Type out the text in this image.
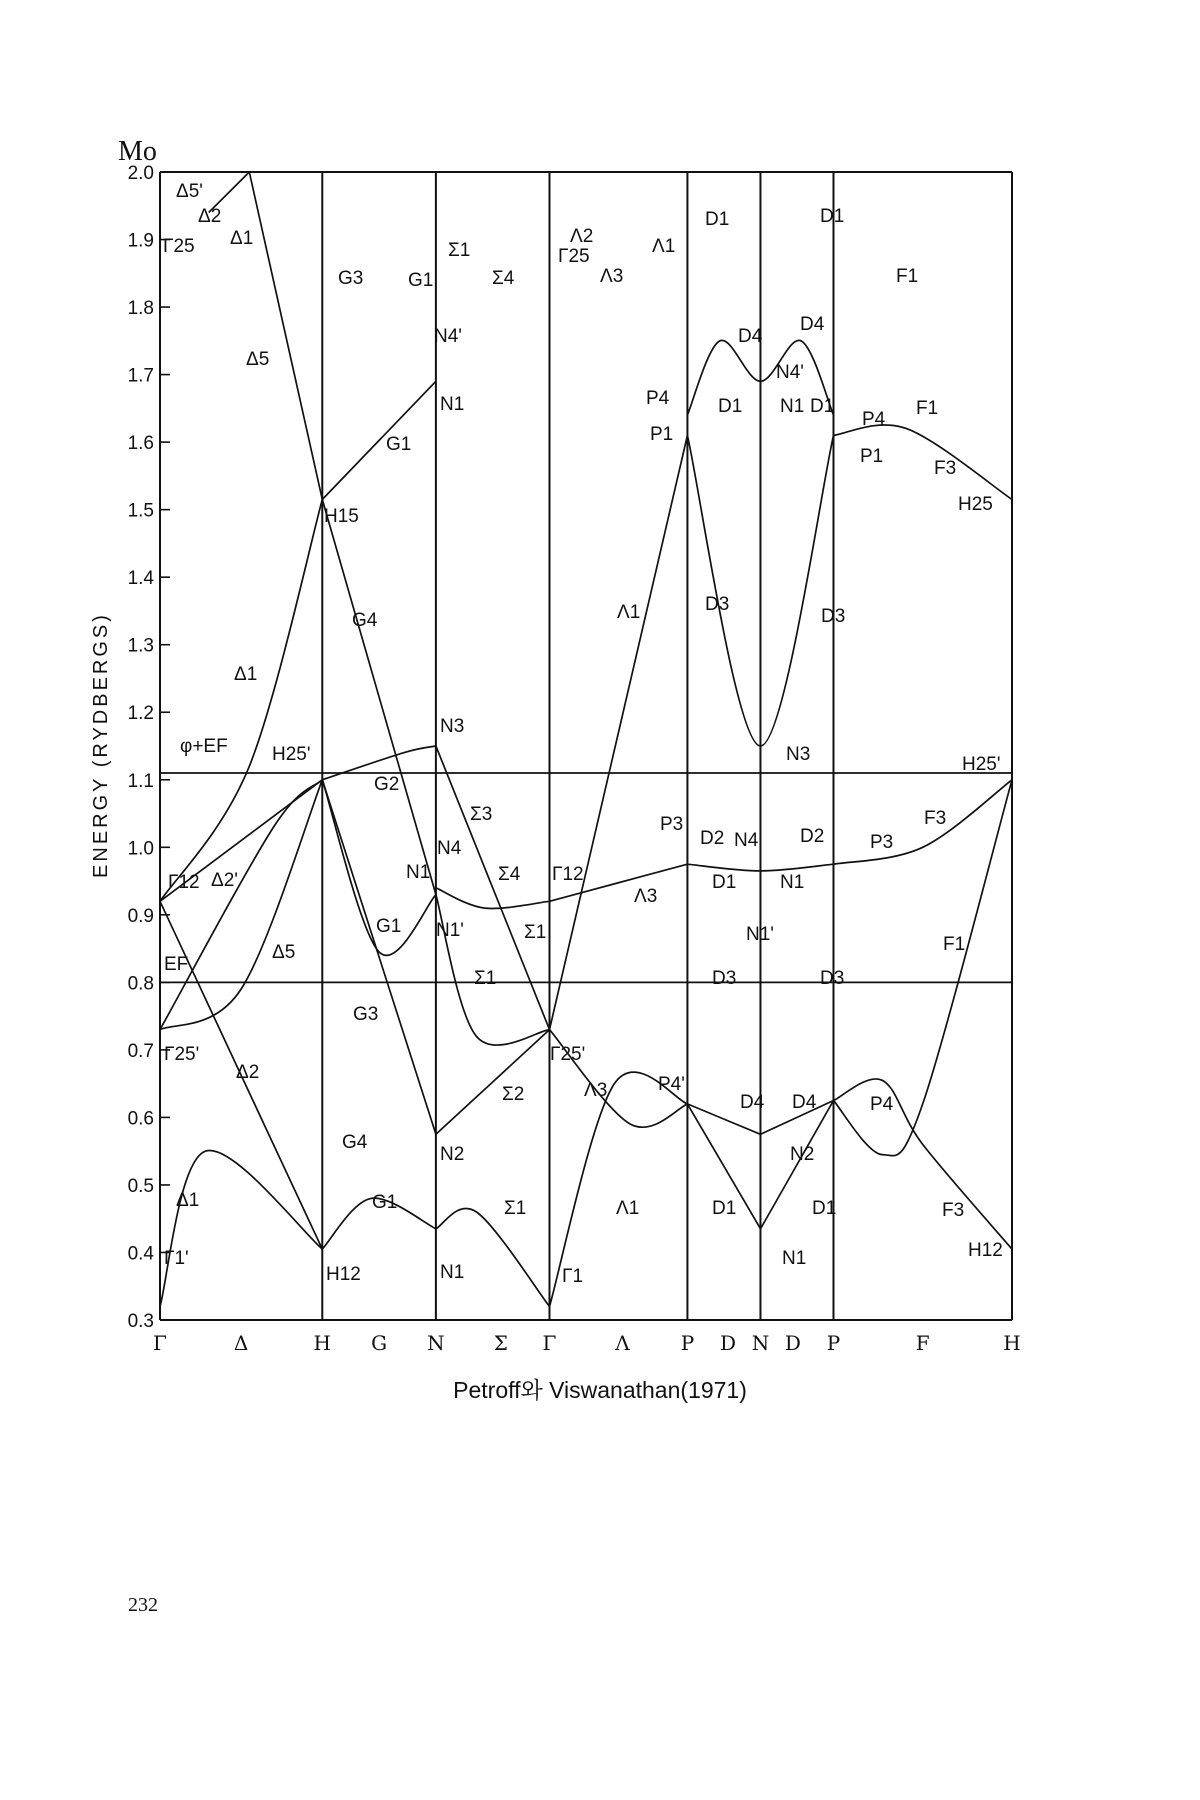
Mo
ENERGY (RYDBERGS)
2.0
1.9
1.8
1.7
1.6
1.5
1.4
1.3
1.2
1.1
1.0
0.9
0.8
0.7
0.6
0.5
0.4
0.3
Γ	Δ	H G N Σ Γ	Λ	P D N D P	F	H
Δ5'
Δ2
Δ1
Γ25
G3 G1
Σ1
Σ4
Λ2
Γ25	Λ1
Λ3
D1	D1
F1
N4'	D4
D4
N4'
Δ5
N1	P4	D1 N1 D1
P4
F1
G1	P1
P1
F3
H25
H15
G4	Λ1	D3
D3
Δ1
N3
φ+EF H25'	N3	H25'
G2
Σ3	F3
P3
D2 N4 D2 P3
N4
Γ12 Δ2'	N1	Σ4 Γ12
Λ3
D1 N1
G1 N1'	Σ1	N1'	F1
Δ5
EF
Σ1	D3	D3
G3
Γ25'	Γ25'
Δ2
Λ3	P4'
D4 D4	P4
Σ2
G4
N2	N2
Δ1	G1	Σ1	Λ1	D1	D1	F3
H12
Γ1'
H12	N1	Γ1
N1
Petroff와 Viswanathan(1971)
232
